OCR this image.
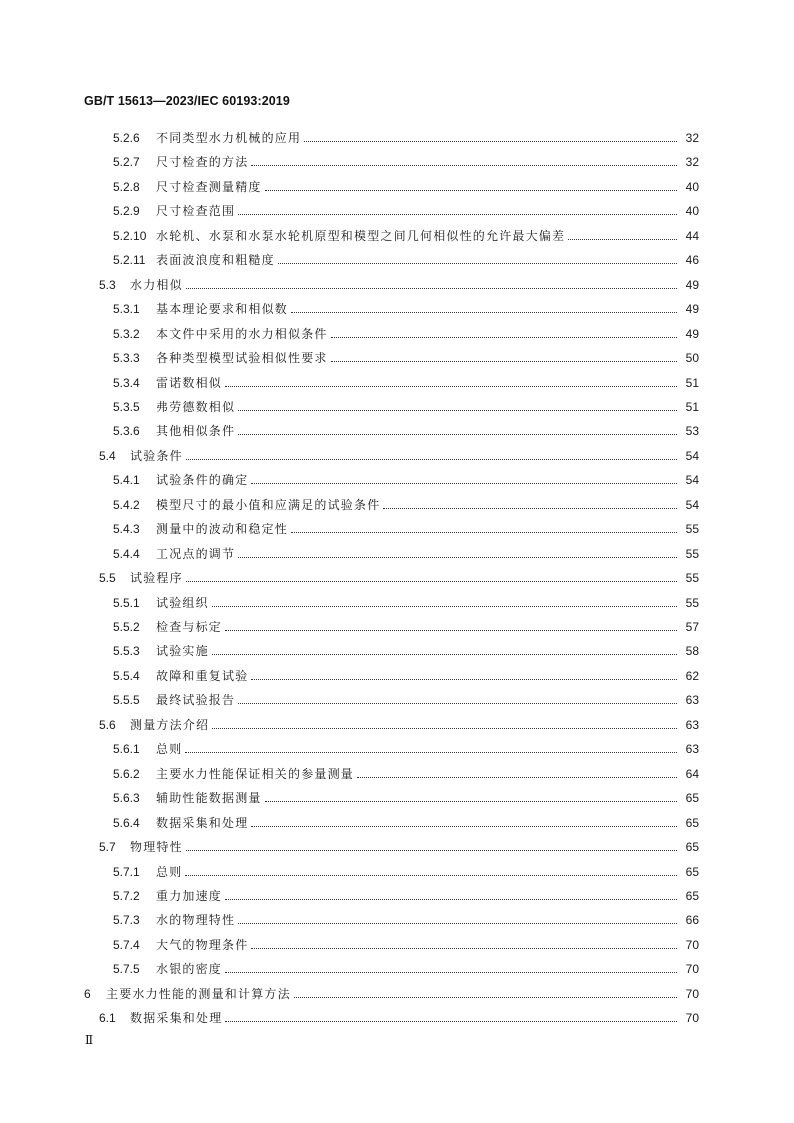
GB/T 15613—2023/IEC 60193:2019
5.2.6	不同类型水力机械的应用	32
5.2.7	尺寸检查的方法	32
5.2.8	尺寸检查测量精度	40
5.2.9	尺寸检查范围	40
5.2.10 水轮机、水泵和水泵水轮机原型和模型之间几何相似性的允许最大偏差	44
5.2.11 表面波浪度和粗糙度	46
5.3	水力相似	49
5.3.1	基本理论要求和相似数	49
5.3.2	本文件中采用的水力相似条件	49
5.3.3	各种类型模型试验相似性要求	50
5.3.4	雷诺数相似	51
5.3.5	弗劳德数相似	51
5.3.6	其他相似条件	53
5.4	试验条件	54
5.4.1	试验条件的确定	54
5.4.2	模型尺寸的最小值和应满足的试验条件	54
5.4.3	测量中的波动和稳定性	55
5.4.4	工况点的调节	55
5.5	试验程序	55
5.5.1	试验组织	55
5.5.2	检查与标定	57
5.5.3	试验实施	58
5.5.4	故障和重复试验	62
5.5.5	最终试验报告	63
5.6	测量方法介绍	63
5.6.1	总则	63
5.6.2	主要水力性能保证相关的参量测量	64
5.6.3	辅助性能数据测量	65
5.6.4	数据采集和处理	65
5.7	物理特性	65
5.7.1	总则	65
5.7.2	重力加速度	65
5.7.3	水的物理特性	66
5.7.4	大气的物理条件	70
5.7.5	水银的密度	70
6	主要水力性能的测量和计算方法	70
6.1	数据采集和处理	70
Ⅱ
